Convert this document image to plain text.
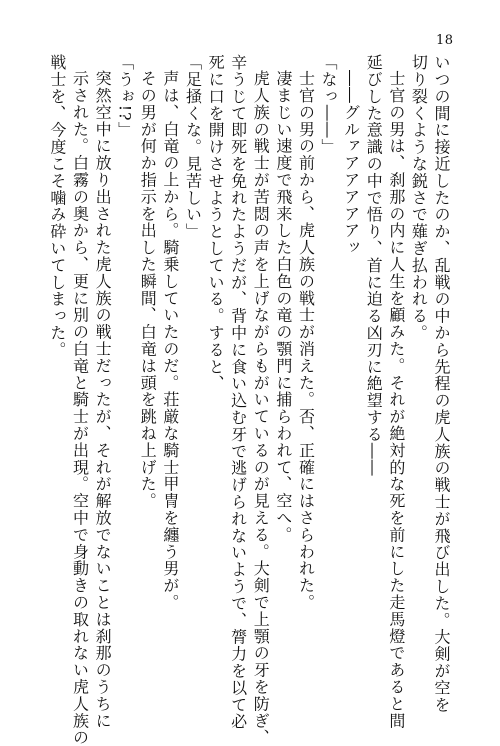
18
いつの間に接近したのか、乱戦の中から先程の虎人族の戦士が飛び出した。大剣が空を
切り裂くような鋭さで薙ぎ払われる。
士官の男は、刹那の内に人生を顧みた。それが絶対的な死を前にした走馬燈であると間
延びした意識の中で悟り、首に迫る凶刃に絶望する――
――グルァアアアアアッ
「なっ――」
士官の男の前から、虎人族の戦士が消えた。否、正確にはさらわれた。
凄まじい速度で飛来した白色の竜の顎門に捕らわれて、空へ。
虎人族の戦士が苦悶の声を上げながらもがいているのが見える。大剣で上顎の牙を防ぎ、
辛うじて即死を免れたようだが、背中に食い込む牙で逃げられないようで、膂力を以て必
死に口を開けさせようとしている。すると、
「足掻くな。見苦しい」
声は、白竜の上から。騎乗していたのだ。荘厳な騎士甲冑を纏う男が。
その男が何か指示を出した瞬間、白竜は頭を跳ね上げた。
「うぉ!?」
突然空中に放り出された虎人族の戦士だったが、それが解放でないことは刹那のうちに
示された。白霧の奥から、更に別の白竜と騎士が出現。空中で身動きの取れない虎人族の
戦士を、今度こそ噛み砕いてしまった。
